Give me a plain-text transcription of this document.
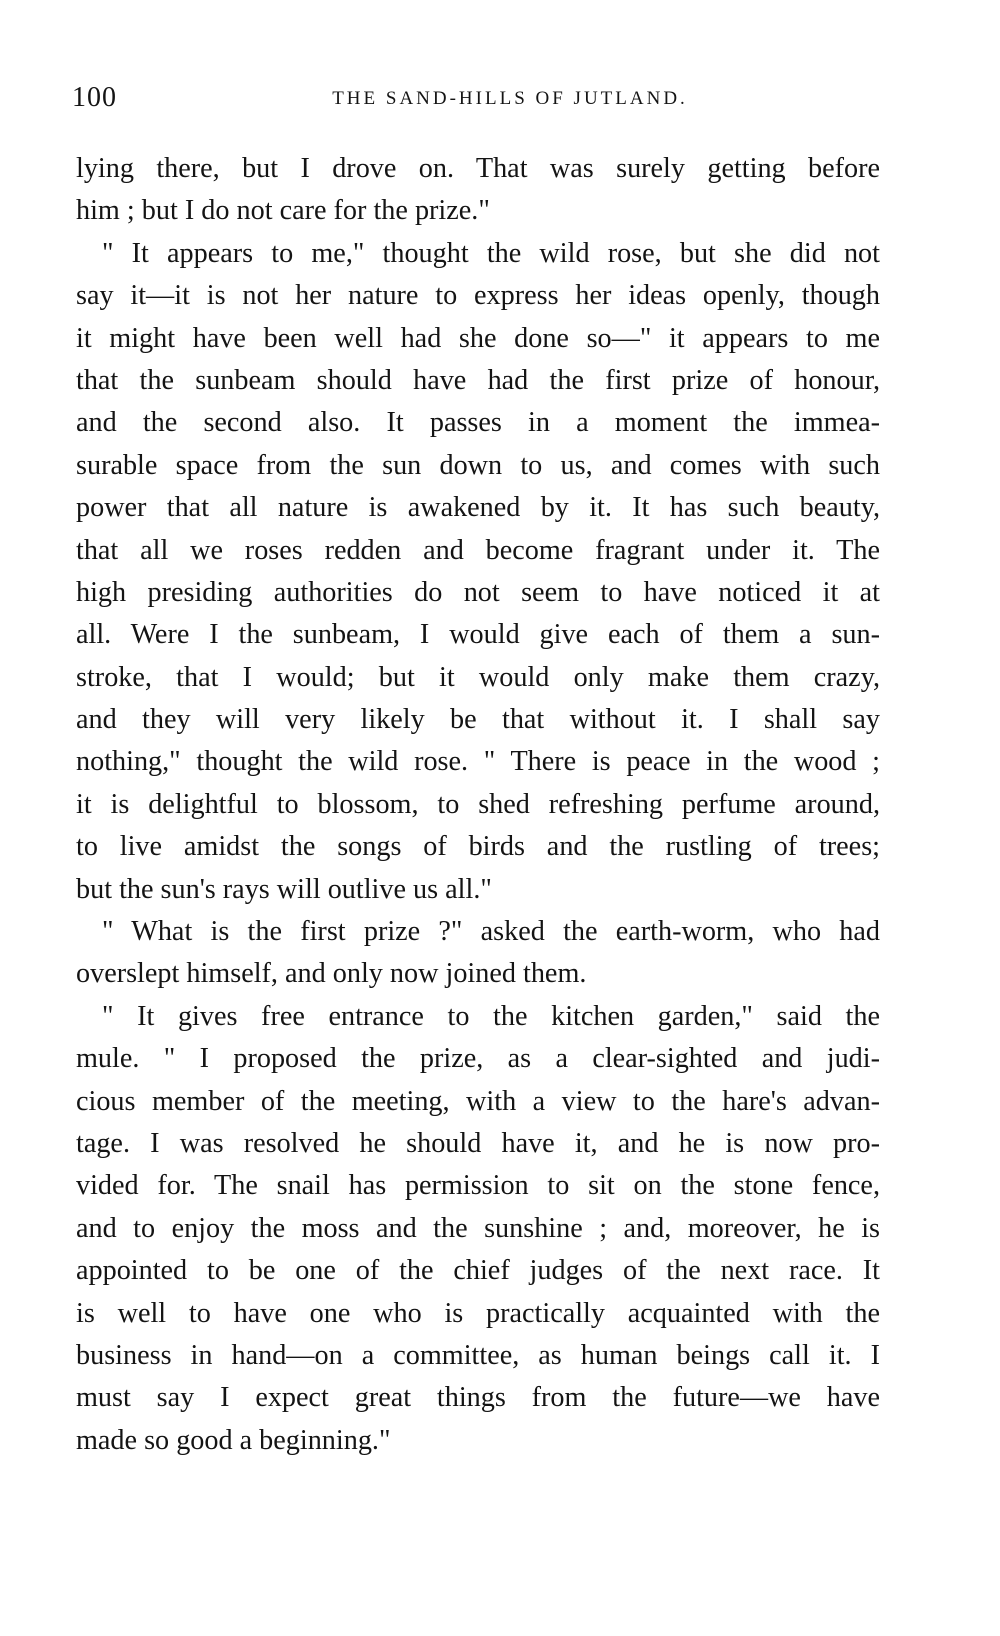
100	THE SAND-HILLS OF JUTLAND.
lying there, but I drove on. That was surely getting before
him ; but I do not care for the prize."
" It appears to me," thought the wild rose, but she did not
say it—it is not her nature to express her ideas openly, though
it might have been well had she done so—" it appears to me
that the sunbeam should have had the first prize of honour,
and the second also. It passes in a moment the immea-
surable space from the sun down to us, and comes with such
power that all nature is awakened by it. It has such beauty,
that all we roses redden and become fragrant under it. The
high presiding authorities do not seem to have noticed it at
all. Were I the sunbeam, I would give each of them a sun-
stroke, that I would; but it would only make them crazy,
and they will very likely be that without it. I shall say
nothing," thought the wild rose. " There is peace in the wood ;
it is delightful to blossom, to shed refreshing perfume around,
to live amidst the songs of birds and the rustling of trees;
but the sun's rays will outlive us all."
" What is the first prize ?" asked the earth-worm, who had
overslept himself, and only now joined them.
" It gives free entrance to the kitchen garden," said the
mule. " I proposed the prize, as a clear-sighted and judi-
cious member of the meeting, with a view to the hare's advan-
tage. I was resolved he should have it, and he is now pro-
vided for. The snail has permission to sit on the stone fence,
and to enjoy the moss and the sunshine ; and, moreover, he is
appointed to be one of the chief judges of the next race. It
is well to have one who is practically acquainted with the
business in hand—on a committee, as human beings call it. I
must say I expect great things from the future—we have
made so good a beginning."
